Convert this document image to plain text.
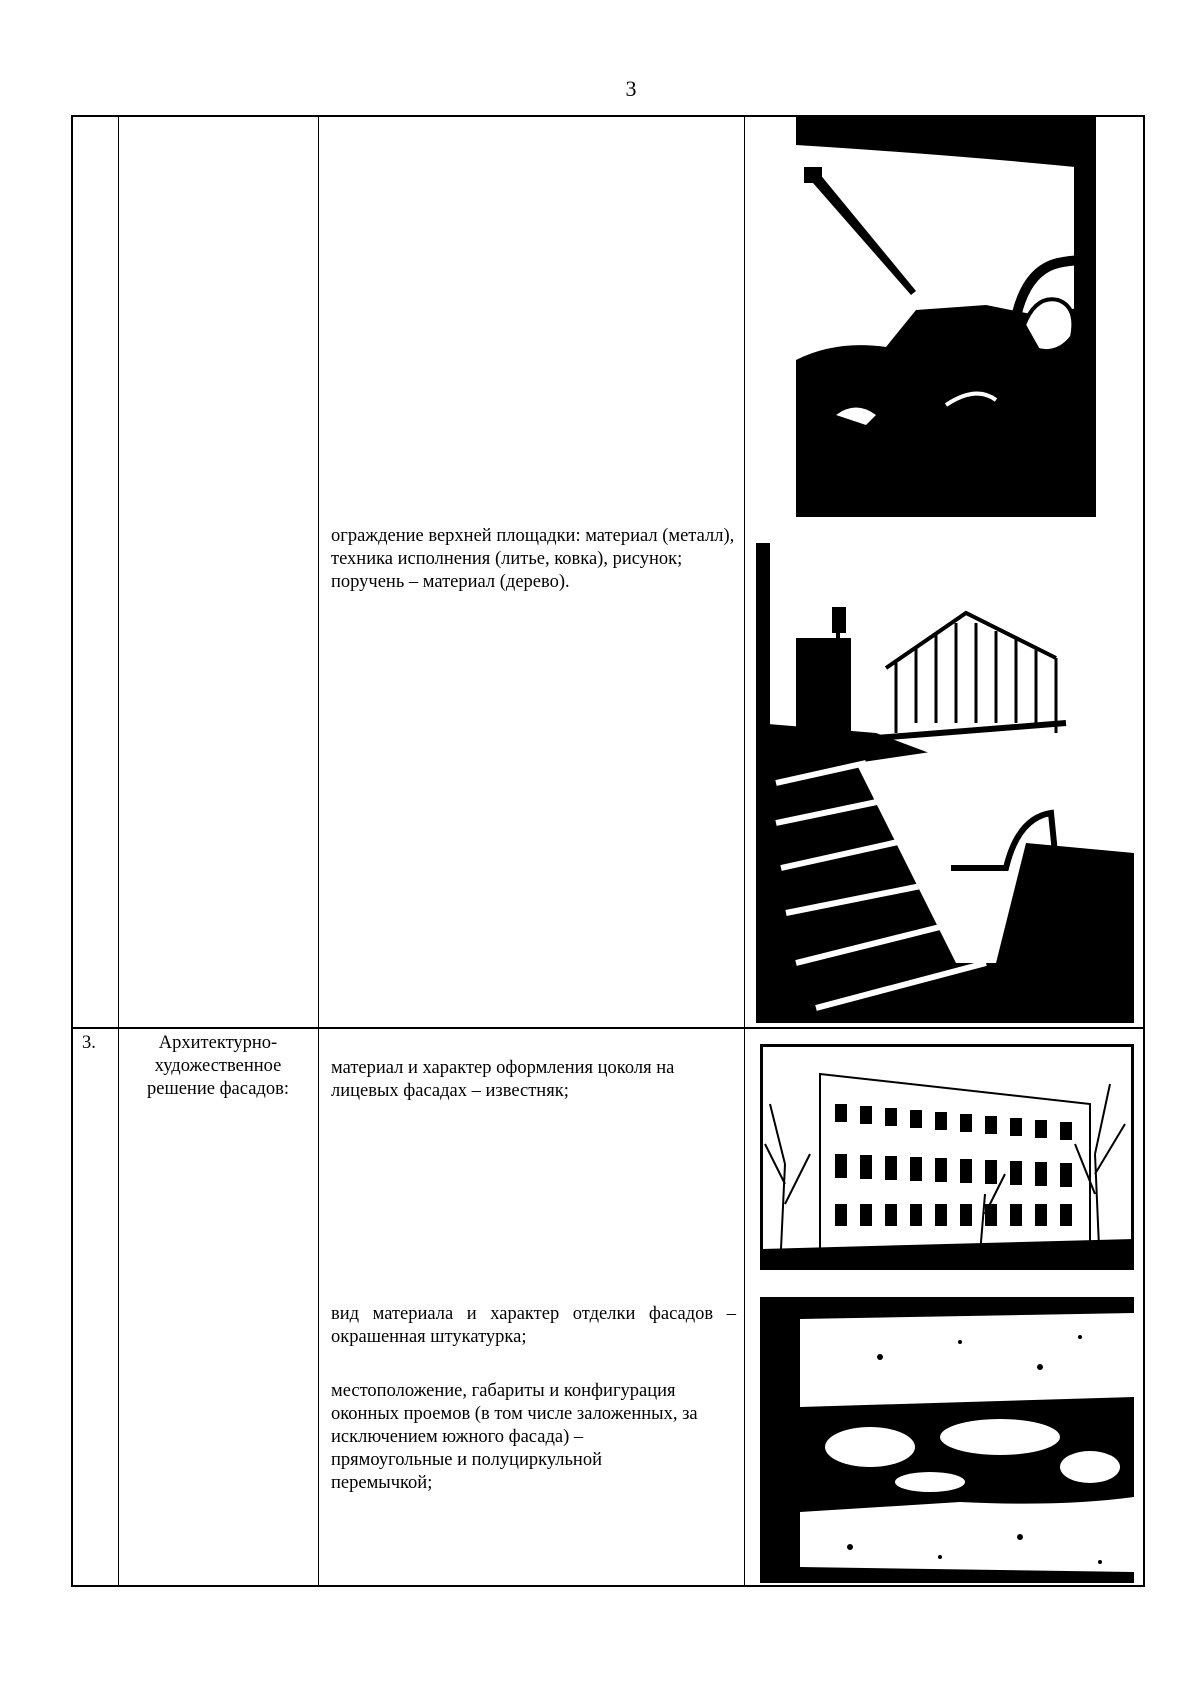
3
ограждение верхней площадки: материал (металл), техника исполнения (литье, ковка), рисунок; поручень – материал (дерево).
3.	Архитектурно-художественное решение фасадов:
материал и характер оформления цоколя на лицевых фасадах – известняк;
вид материала и характер отделки фасадов – окрашенная штукатурка;
местоположение, габариты и конфигурация оконных проемов (в том числе заложенных, за исключением южного фасада) – прямоугольные и полуциркульной перемычкой;
